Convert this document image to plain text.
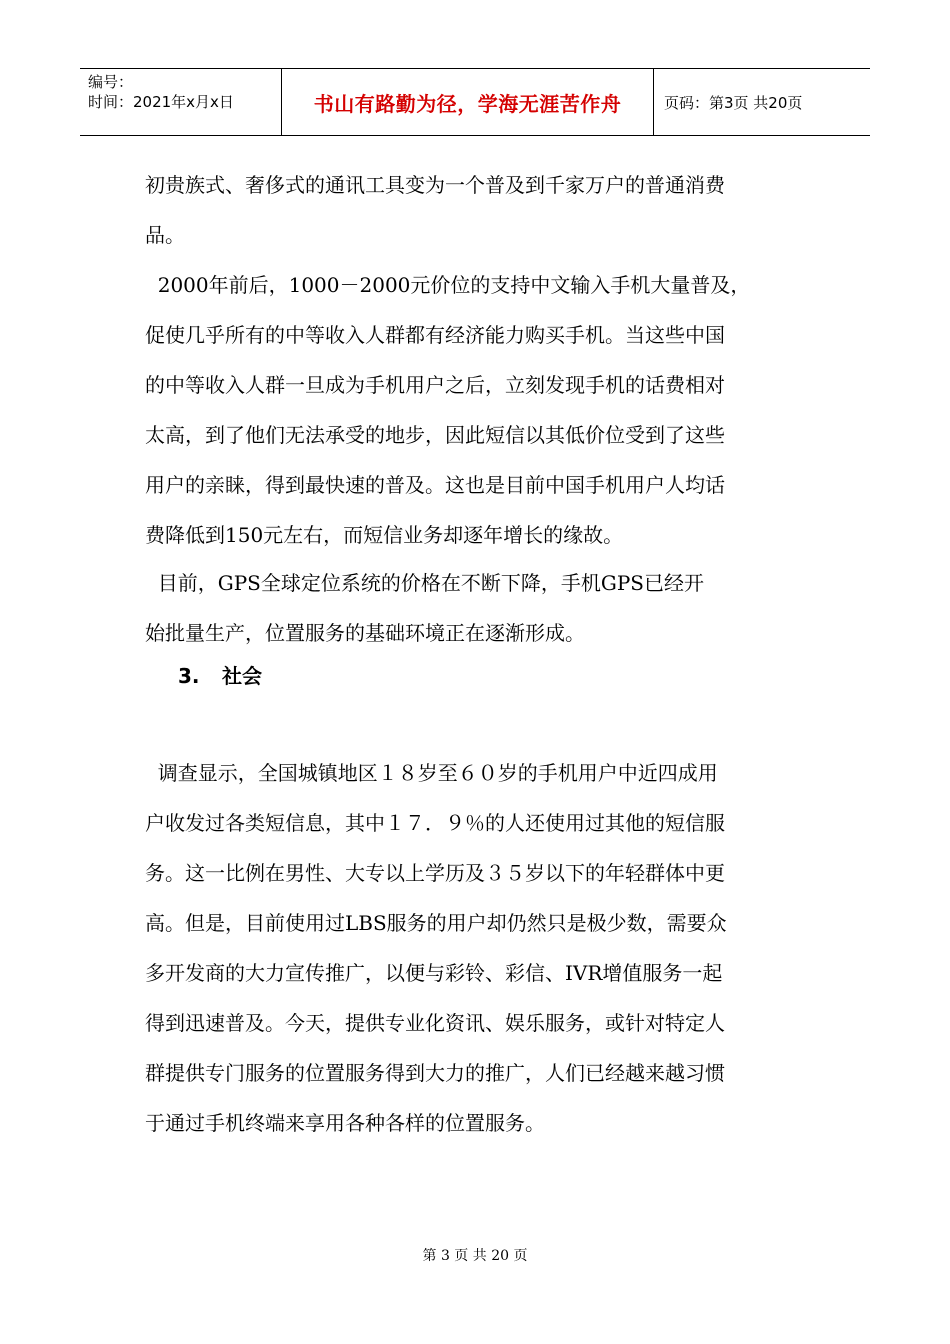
编号：
时间：2021年x月x日	书山有路勤为径，学海无涯苦作舟	页码：第3页 共20页
初贵族式、奢侈式的通讯工具变为一个普及到千家万户的普通消费
品。
2000年前后，1000－2000元价位的支持中文输入手机大量普及，
促使几乎所有的中等收入人群都有经济能力购买手机。当这些中国
的中等收入人群一旦成为手机用户之后，立刻发现手机的话费相对
太高，到了他们无法承受的地步，因此短信以其低价位受到了这些
用户的亲睐，得到最快速的普及。这也是目前中国手机用户人均话
费降低到150元左右，而短信业务却逐年增长的缘故。
目前，GPS全球定位系统的价格在不断下降，手机GPS已经开
始批量生产，位置服务的基础环境正在逐渐形成。
3. 社会
调查显示，全国城镇地区１８岁至６０岁的手机用户中近四成用
户收发过各类短信息，其中１７．９％的人还使用过其他的短信服
务。这一比例在男性、大专以上学历及３５岁以下的年轻群体中更
高。但是，目前使用过LBS服务的用户却仍然只是极少数，需要众
多开发商的大力宣传推广，以便与彩铃、彩信、IVR增值服务一起
得到迅速普及。今天，提供专业化资讯、娱乐服务，或针对特定人
群提供专门服务的位置服务得到大力的推广，人们已经越来越习惯
于通过手机终端来享用各种各样的位置服务。
第 3 页 共 20 页
